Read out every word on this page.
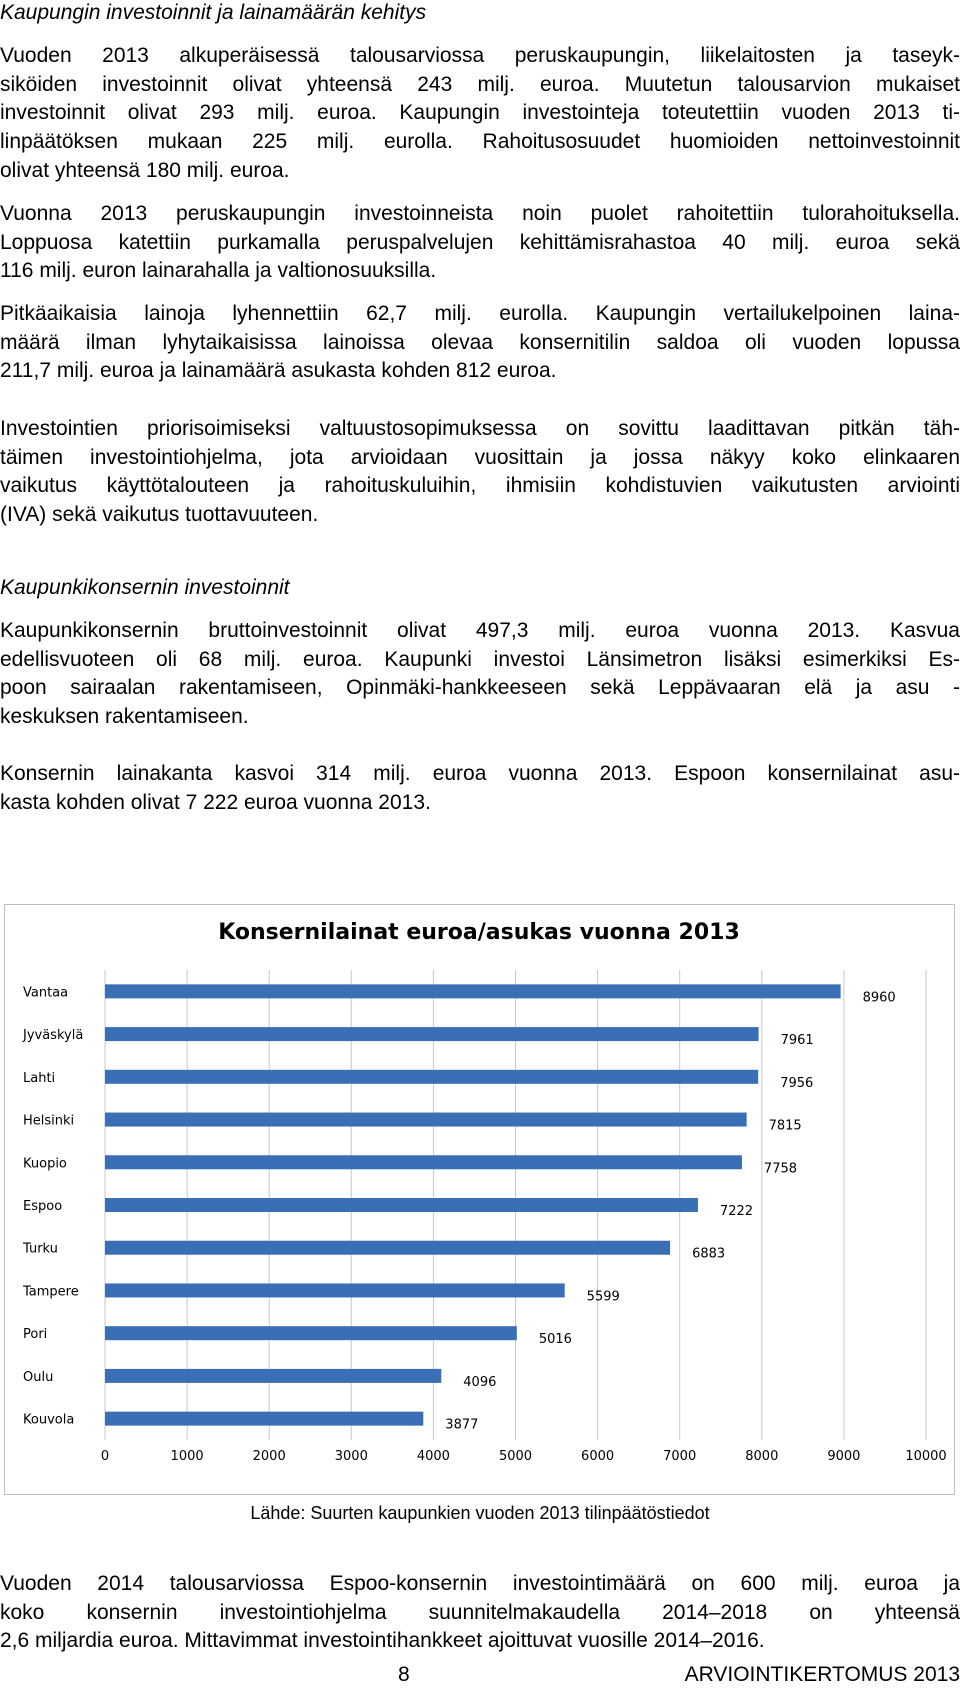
Kaupungin investoinnit ja lainamäärän kehitys
Vuoden 2013 alkuperäisessä talousarviossa peruskaupungin, liikelaitosten ja taseyk-
siköiden investoinnit olivat yhteensä 243 milj. euroa. Muutetun talousarvion mukaiset
investoinnit olivat 293 milj. euroa. Kaupungin investointeja toteutettiin vuoden 2013 ti-
linpäätöksen mukaan 225 milj. eurolla. Rahoitusosuudet huomioiden nettoinvestoinnit
olivat yhteensä 180 milj. euroa.
Vuonna 2013 peruskaupungin investoinneista noin puolet rahoitettiin tulorahoituksella.
Loppuosa katettiin purkamalla peruspalvelujen kehittämisrahastoa 40 milj. euroa sekä
116 milj. euron lainarahalla ja valtionosuuksilla.
Pitkäaikaisia lainoja lyhennettiin 62,7 milj. eurolla. Kaupungin vertailukelpoinen laina-
määrä ilman lyhytaikaisissa lainoissa olevaa konsernitilin saldoa oli vuoden lopussa
211,7 milj. euroa ja lainamäärä asukasta kohden 812 euroa.
Investointien priorisoimiseksi valtuustosopimuksessa on sovittu laadittavan pitkän täh-
täimen investointiohjelma, jota arvioidaan vuosittain ja jossa näkyy koko elinkaaren
vaikutus käyttötalouteen ja rahoituskuluihin, ihmisiin kohdistuvien vaikutusten arviointi
(IVA) sekä vaikutus tuottavuuteen.
Kaupunkikonsernin investoinnit
Kaupunkikonsernin bruttoinvestoinnit olivat 497,3 milj. euroa vuonna 2013. Kasvua
edellisvuoteen oli 68 milj. euroa. Kaupunki investoi Länsimetron lisäksi esimerkiksi Es-
poon sairaalan rakentamiseen, Opinmäki-hankkeeseen sekä Leppävaaran elä ja asu -
keskuksen rakentamiseen.
Konsernin lainakanta kasvoi 314 milj. euroa vuonna 2013. Espoon konsernilainat asu-
kasta kohden olivat 7 222 euroa vuonna 2013.
Konsernilainat euroa/asukas vuonna 2013
0	1000	2000	3000	4000	5000	6000	7000	8000	9000	10000
Vantaa	8960
Jyväskylä	7961
Lahti	7956
Helsinki	7815
Kuopio	7758
Espoo	7222
Turku	6883
Tampere	5599
Pori	5016
Oulu	4096
Kouvola	3877
Lähde: Suurten kaupunkien vuoden 2013 tilinpäätöstiedot
Vuoden 2014 talousarviossa Espoo-konsernin investointimäärä on 600 milj. euroa ja
koko konsernin investointiohjelma suunnitelmakaudella 2014–2018 on yhteensä
2,6 miljardia euroa. Mittavimmat investointihankkeet ajoittuvat vuosille 2014–2016.
8	ARVIOINTIKERTOMUS 2013
